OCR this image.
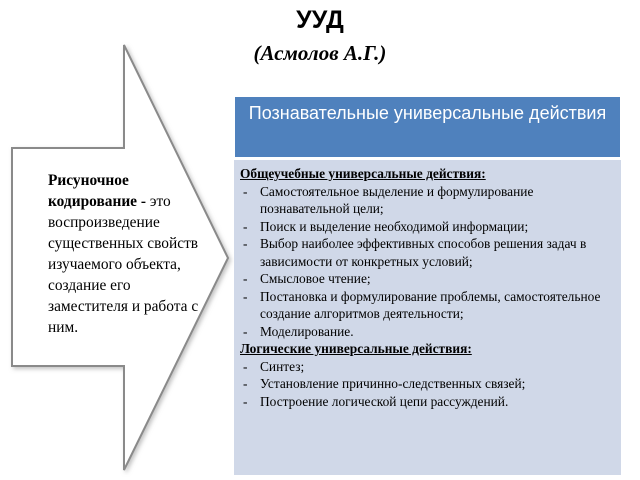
УУД
(Асмолов А.Г.)
Рисуночное кодирование - это воспроизведение существенных свойств изучаемого объекта, создание его заместителя и работа с ним.
Познавательные универсальные действия
Общеучебные универсальные действия:
- Самостоятельное выделение и формулирование познавательной цели;
- Поиск и выделение необходимой информации;
- Выбор наиболее эффективных способов решения задач в зависимости от конкретных условий;
- Смысловое чтение;
- Постановка и формулирование проблемы, самостоятельное создание алгоритмов деятельности;
- Моделирование.
Логические универсальные действия:
- Синтез;
- Установление причинно-следственных связей;
- Построение логической цепи рассуждений.
